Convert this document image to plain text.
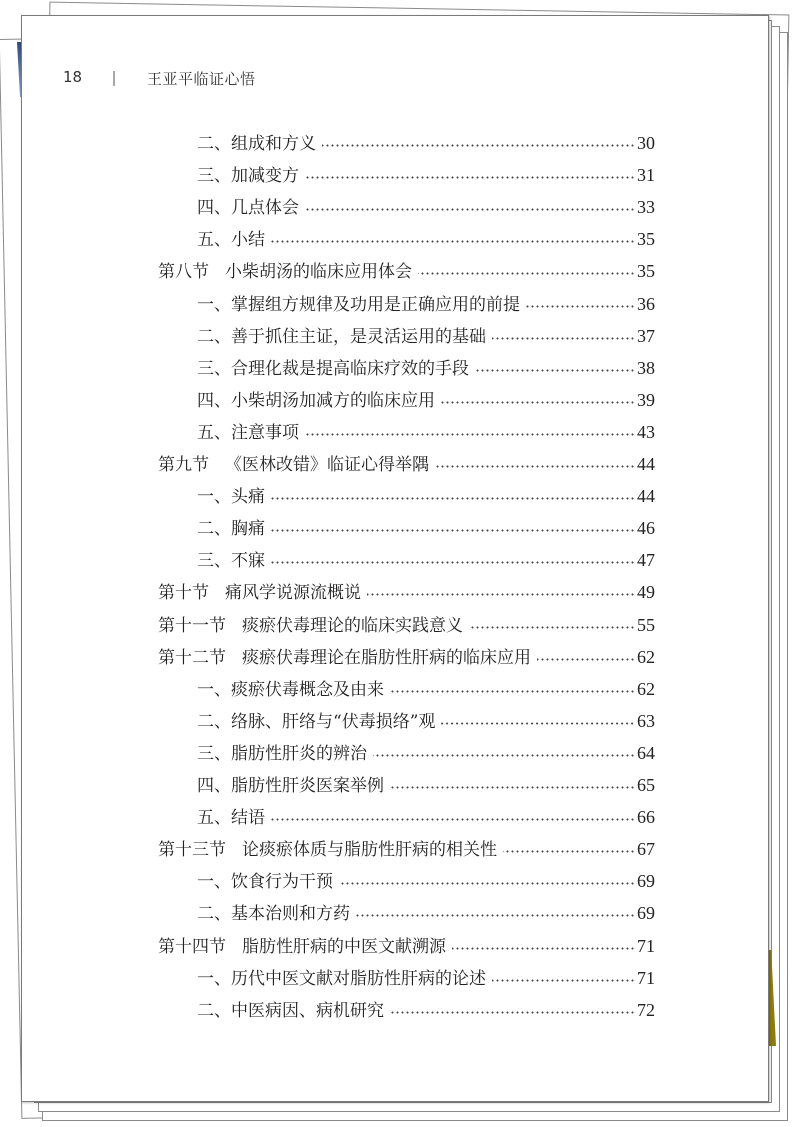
18	王亚平临证心悟
二、 组成和方义	30
三、 加减变方	31
四、 几点体会	33
五、 小结	35
第八节 小柴胡汤的临床应用体会	35
一、 掌握组方规律及功用是正确应用的前提	36
二、 善于抓住主证，是灵活运用的基础	37
三、 合理化裁是提高临床疗效的手段	38
四、 小柴胡汤加减方的临床应用	39
五、 注意事项	43
第九节 《医林改错》临证心得举隅	44
一、 头痛	44
二、 胸痛	46
三、 不寐	47
第十节 痛风学说源流概说	49
第十一节 痰瘀伏毒理论的临床实践意义	55
第十二节 痰瘀伏毒理论在脂肪性肝病的临床应用	62
一、 痰瘀伏毒概念及由来	62
二、 络脉、肝络与“伏毒损络”观	63
三、 脂肪性肝炎的辨治	64
四、 脂肪性肝炎医案举例	65
五、 结语	66
第十三节 论痰瘀体质与脂肪性肝病的相关性	67
一、 饮食行为干预	69
二、 基本治则和方药	69
第十四节 脂肪性肝病的中医文献溯源	71
一、 历代中医文献对脂肪性肝病的论述	71
二、 中医病因、病机研究	72
